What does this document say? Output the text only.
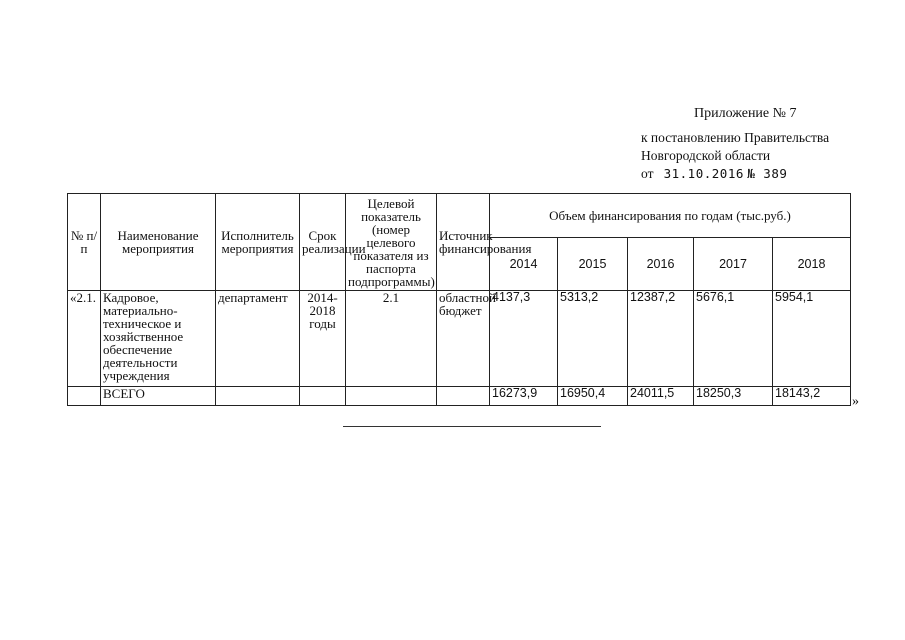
Приложение № 7
к постановлению Правительства
Новгородской области
от 31.10.2016 № 389
№ п/п	Наименование мероприятия	Исполнитель мероприятия	Срок реализации	Целевой показатель (номер целевого показателя из паспорта подпрограммы)	Источник финансирования	Объем финансирования по годам (тыс.руб.)				
						2014	2015	2016	2017	2018
«2.1.	Кадровое, материально-техническое и хозяйственное обеспечение деятельности учреждения	департамент	2014-2018 годы	2.1	областной бюджет	4137,3	5313,2	12387,2	5676,1	5954,1
	ВСЕГО					16273,9	16950,4	24011,5	18250,3	18143,2
»
